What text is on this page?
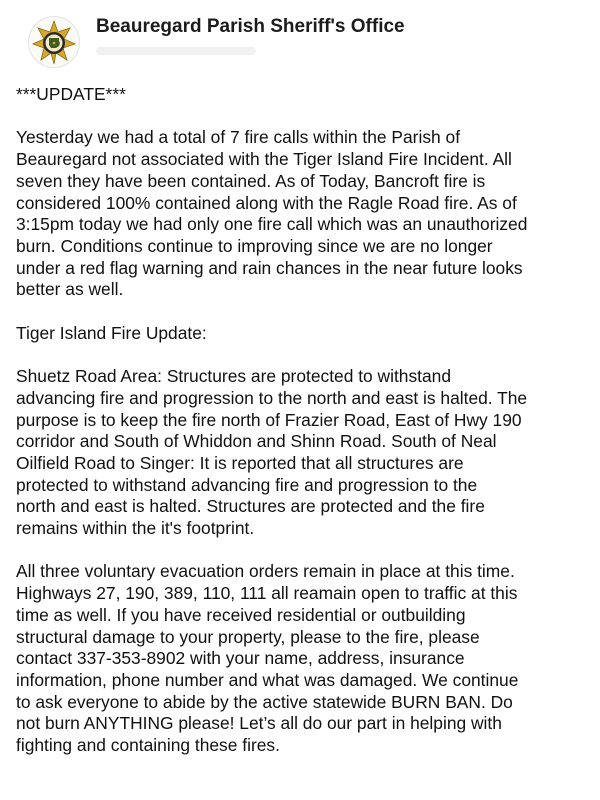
Beauregard Parish Sheriff's Office

***UPDATE***

Yesterday we had a total of 7 fire calls within the Parish of

Beauregard not associated with the Tiger Island Fire Incident. All

seven they have been contained. As of Today, Bancroft fire is

considered 100% contained along with the Ragle Road fire. As of

3:15pm today we had only one fire call which was an unauthorized

burn. Conditions continue to improving since we are no longer

under a red flag warning and rain chances in the near future looks

better as well.

Tiger Island Fire Update:

Shuetz Road Area: Structures are protected to withstand

advancing fire and progression to the north and east is halted. The

purpose is to keep the fire north of Frazier Road, East of Hwy 190

corridor and South of Whiddon and Shinn Road. South of Neal

Oilfield Road to Singer: It is reported that all structures are

protected to withstand advancing fire and progression to the

north and east is halted. Structures are protected and the fire

remains within the it's footprint.

All three voluntary evacuation orders remain in place at this time.

Highways 27, 190, 389, 110, 111 all reamain open to traffic at this

time as well. If you have received residential or outbuilding

structural damage to your property, please to the fire, please

contact 337-353-8902 with your name, address, insurance

information, phone number and what was damaged. We continue

to ask everyone to abide by the active statewide BURN BAN. Do

not burn ANYTHING please! Let’s all do our part in helping with

fighting and containing these fires.
